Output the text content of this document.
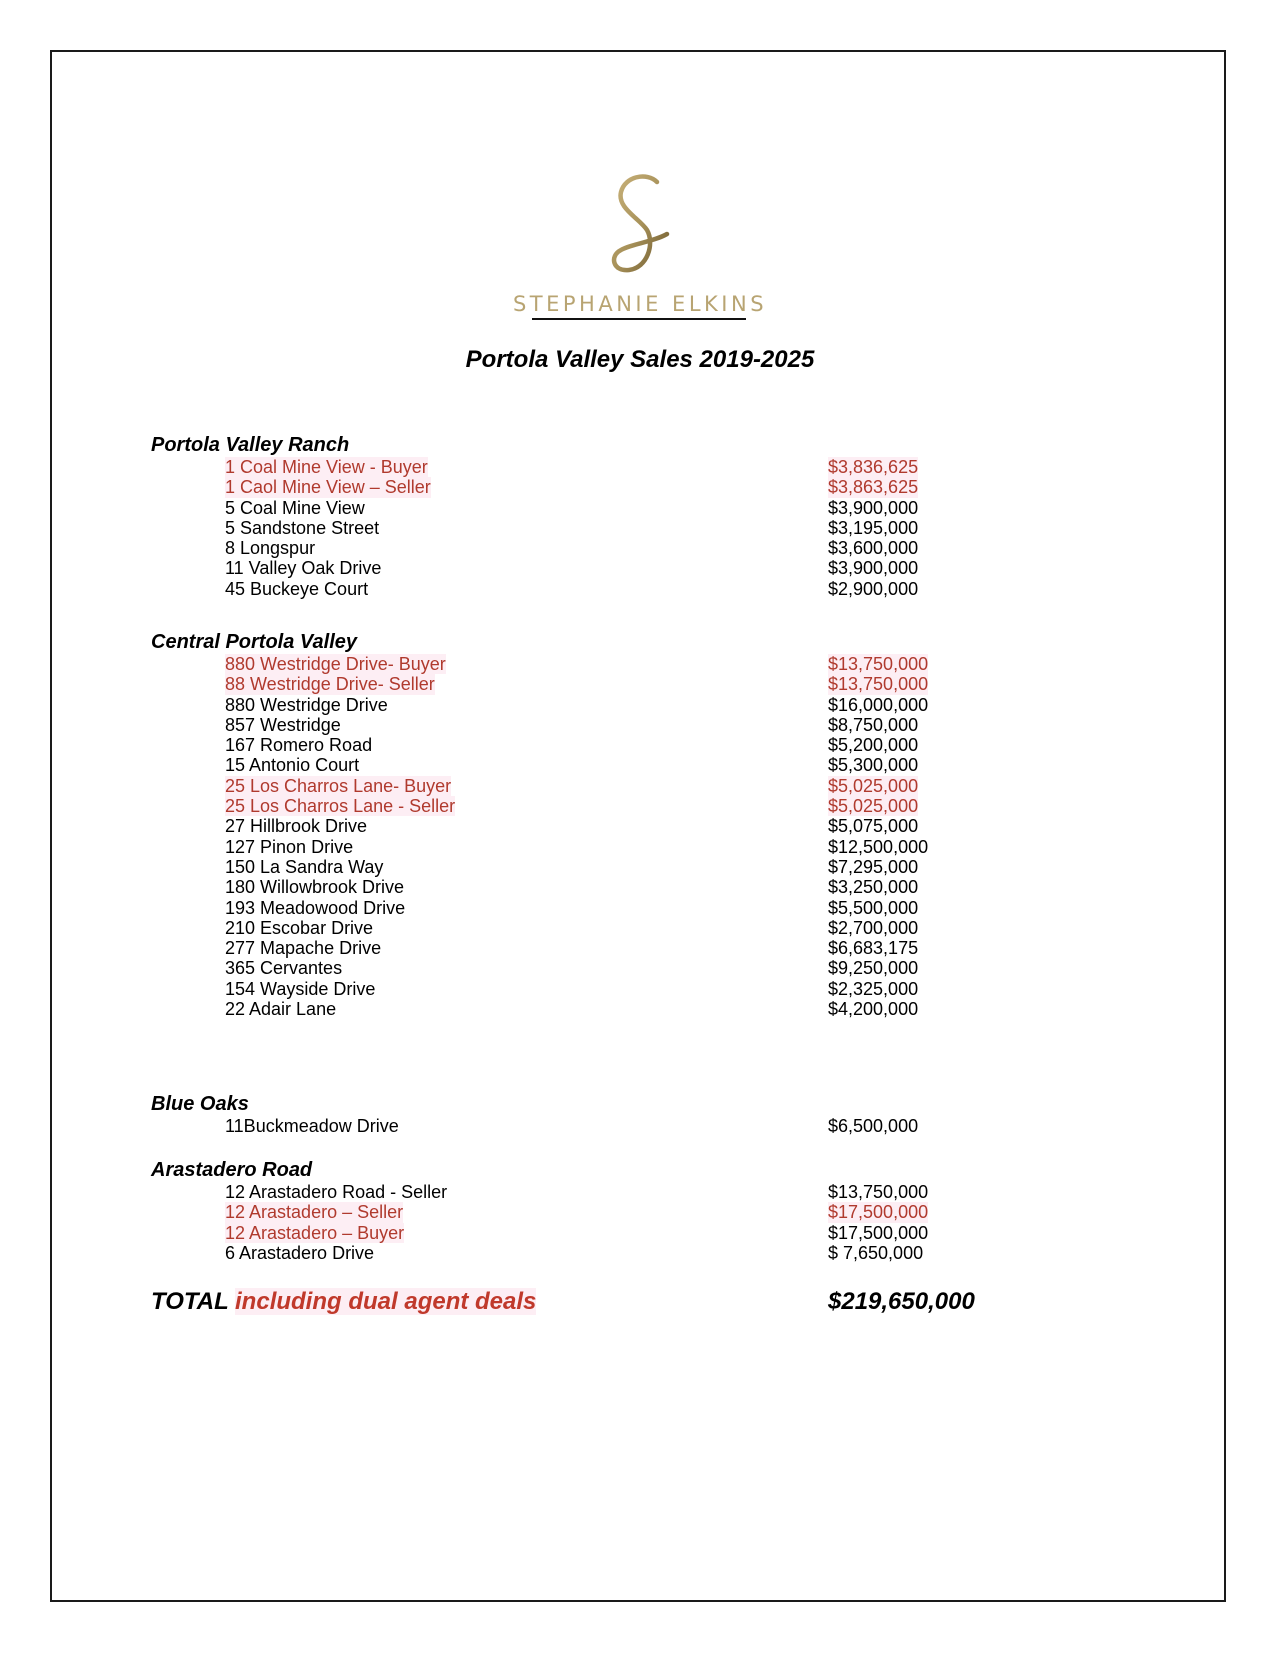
STEPHANIE ELKINS
Portola Valley Sales 2019-2025
Portola Valley Ranch
1 Coal Mine View - Buyer	$3,836,625
1 Caol Mine View – Seller	$3,863,625
5 Coal Mine View	$3,900,000
5 Sandstone Street	$3,195,000
8 Longspur	$3,600,000
11 Valley Oak Drive	$3,900,000
45 Buckeye Court	$2,900,000
Central Portola Valley
880 Westridge Drive- Buyer	$13,750,000
88 Westridge Drive- Seller	$13,750,000
880 Westridge Drive	$16,000,000
857 Westridge	$8,750,000
167 Romero Road	$5,200,000
15 Antonio Court	$5,300,000
25 Los Charros Lane- Buyer	$5,025,000
25 Los Charros Lane - Seller	$5,025,000
27 Hillbrook Drive	$5,075,000
127 Pinon Drive	$12,500,000
150 La Sandra Way	$7,295,000
180 Willowbrook Drive	$3,250,000
193 Meadowood Drive	$5,500,000
210 Escobar Drive	$2,700,000
277 Mapache Drive	$6,683,175
365 Cervantes	$9,250,000
154 Wayside Drive	$2,325,000
22 Adair Lane	$4,200,000
Blue Oaks
11Buckmeadow Drive	$6,500,000
Arastadero Road
12 Arastadero Road - Seller	$13,750,000
12 Arastadero – Seller	$17,500,000
12 Arastadero – Buyer	$17,500,000
6 Arastadero Drive	$ 7,650,000
TOTAL including dual agent deals	$219,650,000
